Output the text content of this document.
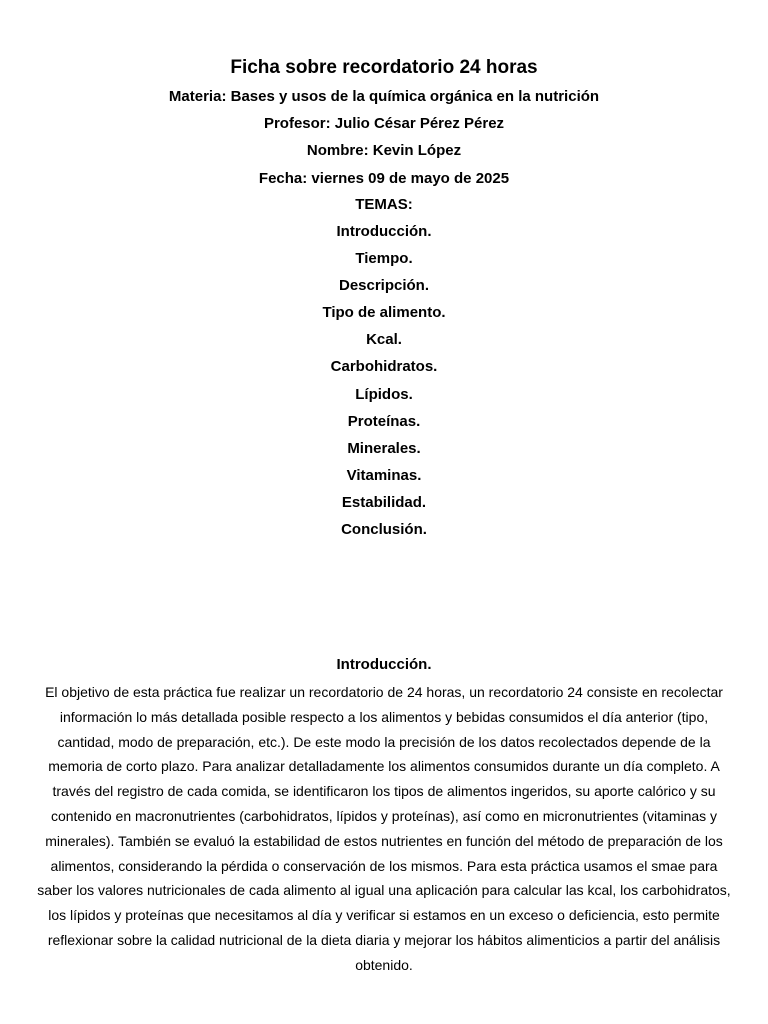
Ficha sobre recordatorio 24 horas
Materia: Bases y usos de la química orgánica en la nutrición
Profesor: Julio César Pérez Pérez
Nombre: Kevin López
Fecha: viernes 09 de mayo de 2025
TEMAS:
Introducción.
Tiempo.
Descripción.
Tipo de alimento.
Kcal.
Carbohidratos.
Lípidos.
Proteínas.
Minerales.
Vitaminas.
Estabilidad.
Conclusión.
Introducción.

El objetivo de esta práctica fue realizar un recordatorio de 24 horas, un recordatorio 24 consiste en recolectar información lo más detallada posible respecto a los alimentos y bebidas consumidos el día anterior (tipo, cantidad, modo de preparación, etc.). De este modo la precisión de los datos recolectados depende de la memoria de corto plazo. Para analizar detalladamente los alimentos consumidos durante un día completo. A través del registro de cada comida, se identificaron los tipos de alimentos ingeridos, su aporte calórico y su contenido en macronutrientes (carbohidratos, lípidos y proteínas), así como en micronutrientes (vitaminas y minerales). También se evaluó la estabilidad de estos nutrientes en función del método de preparación de los alimentos, considerando la pérdida o conservación de los mismos. Para esta práctica usamos el smae para saber los valores nutricionales de cada alimento al igual una aplicación para calcular las kcal, los carbohidratos, los lípidos y proteínas que necesitamos al día y verificar si estamos en un exceso o deficiencia, esto permite reflexionar sobre la calidad nutricional de la dieta diaria y mejorar los hábitos alimenticios a partir del análisis obtenido.
